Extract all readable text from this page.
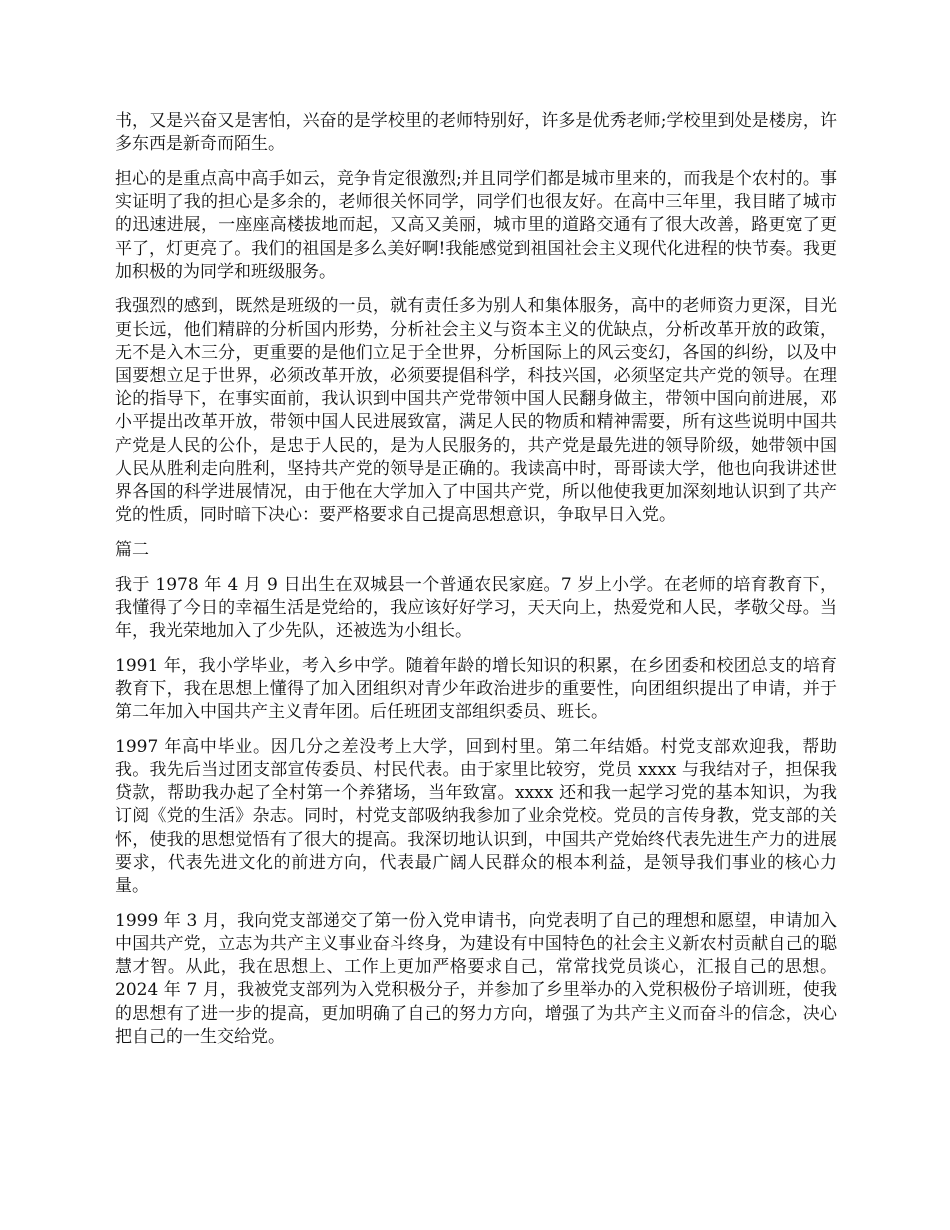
书，又是兴奋又是害怕，兴奋的是学校里的老师特别好，许多是优秀老师;学校里到处是楼房，许多东西是新奇而陌生。

担心的是重点高中高手如云，竞争肯定很激烈;并且同学们都是城市里来的，而我是个农村的。事实证明了我的担心是多余的，老师很关怀同学，同学们也很友好。在高中三年里，我目睹了城市的迅速进展，一座座高楼拔地而起，又高又美丽，城市里的道路交通有了很大改善，路更宽了更平了，灯更亮了。我们的祖国是多么美好啊!我能感觉到祖国社会主义现代化进程的快节奏。我更加积极的为同学和班级服务。

我强烈的感到，既然是班级的一员，就有责任多为别人和集体服务，高中的老师资力更深，目光更长远，他们精辟的分析国内形势，分析社会主义与资本主义的优缺点，分析改革开放的政策，无不是入木三分，更重要的是他们立足于全世界，分析国际上的风云变幻，各国的纠纷，以及中国要想立足于世界，必须改革开放，必须要提倡科学，科技兴国，必须坚定共产党的领导。在理论的指导下，在事实面前，我认识到中国共产党带领中国人民翻身做主，带领中国向前进展，邓小平提出改革开放，带领中国人民进展致富，满足人民的物质和精神需要，所有这些说明中国共产党是人民的公仆，是忠于人民的，是为人民服务的，共产党是最先进的领导阶级，她带领中国人民从胜利走向胜利，坚持共产党的领导是正确的。我读高中时，哥哥读大学，他也向我讲述世界各国的科学进展情况，由于他在大学加入了中国共产党，所以他使我更加深刻地认识到了共产党的性质，同时暗下决心：要严格要求自己提高思想意识，争取早日入党。

篇二

我于 1978 年 4 月 9 日出生在双城县一个普通农民家庭。7 岁上小学。在老师的培育教育下，我懂得了今日的幸福生活是党给的，我应该好好学习，天天向上，热爱党和人民，孝敬父母。当年，我光荣地加入了少先队，还被选为小组长。

1991 年，我小学毕业，考入乡中学。随着年龄的增长知识的积累，在乡团委和校团总支的培育教育下，我在思想上懂得了加入团组织对青少年政治进步的重要性，向团组织提出了申请，并于第二年加入中国共产主义青年团。后任班团支部组织委员、班长。

1997 年高中毕业。因几分之差没考上大学，回到村里。第二年结婚。村党支部欢迎我，帮助我。我先后当过团支部宣传委员、村民代表。由于家里比较穷，党员 xxxx 与我结对子，担保我贷款，帮助我办起了全村第一个养猪场，当年致富。xxxx 还和我一起学习党的基本知识，为我订阅《党的生活》杂志。同时，村党支部吸纳我参加了业余党校。党员的言传身教，党支部的关怀，使我的思想觉悟有了很大的提高。我深切地认识到，中国共产党始终代表先进生产力的进展要求，代表先进文化的前进方向，代表最广阔人民群众的根本利益，是领导我们事业的核心力量。

1999 年 3 月，我向党支部递交了第一份入党申请书，向党表明了自己的理想和愿望，申请加入中国共产党，立志为共产主义事业奋斗终身，为建设有中国特色的社会主义新农村贡献自己的聪慧才智。从此，我在思想上、工作上更加严格要求自己，常常找党员谈心，汇报自己的思想。2024 年 7 月，我被党支部列为入党积极分子，并参加了乡里举办的入党积极份子培训班，使我的思想有了进一步的提高，更加明确了自己的努力方向，增强了为共产主义而奋斗的信念，决心把自己的一生交给党。
